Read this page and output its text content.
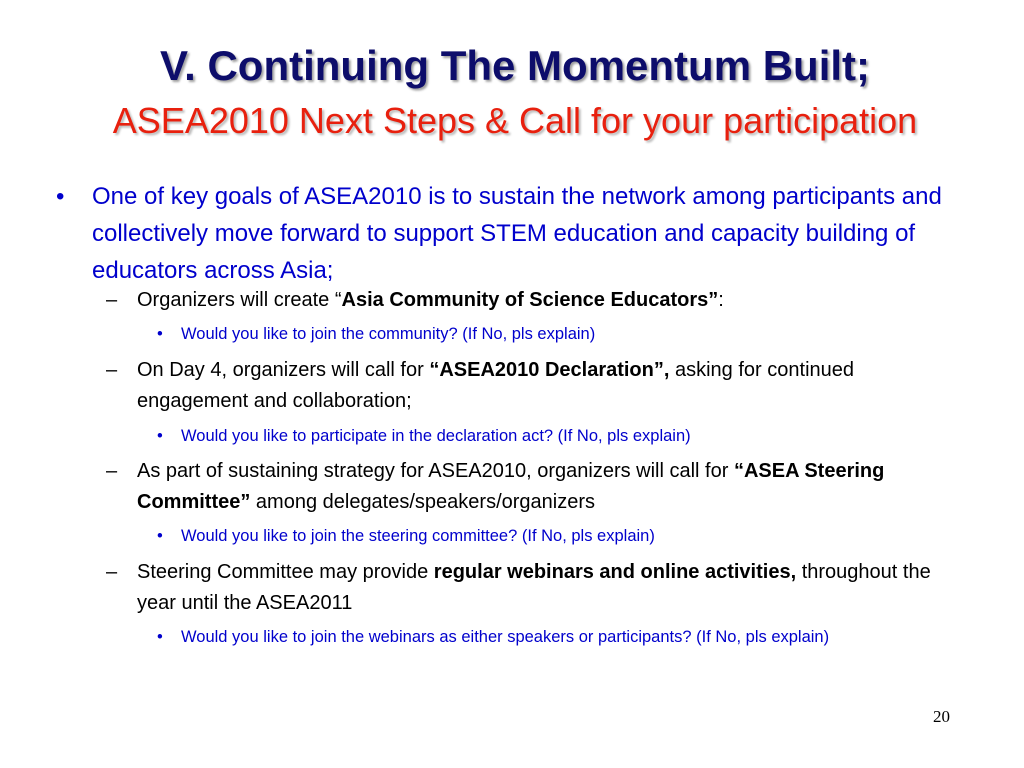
V. Continuing The Momentum Built;
ASEA2010 Next Steps & Call for your participation
• One of key goals of ASEA2010 is to sustain the network among participants and collectively move forward to support STEM education and capacity building of educators across Asia;
– Organizers will create “Asia Community of Science Educators”:
• Would you like to join the community? (If No, pls explain)
– On Day 4, organizers will call for “ASEA2010 Declaration”, asking for continued engagement and collaboration;
• Would you like to participate in the declaration act? (If No, pls explain)
– As part of sustaining strategy for ASEA2010, organizers will call for “ASEA Steering Committee” among delegates/speakers/organizers
• Would you like to join the steering committee? (If No, pls explain)
– Steering Committee may provide regular webinars and online activities, throughout the year until the ASEA2011
• Would you like to join the webinars as either speakers or participants? (If No, pls explain)
20
